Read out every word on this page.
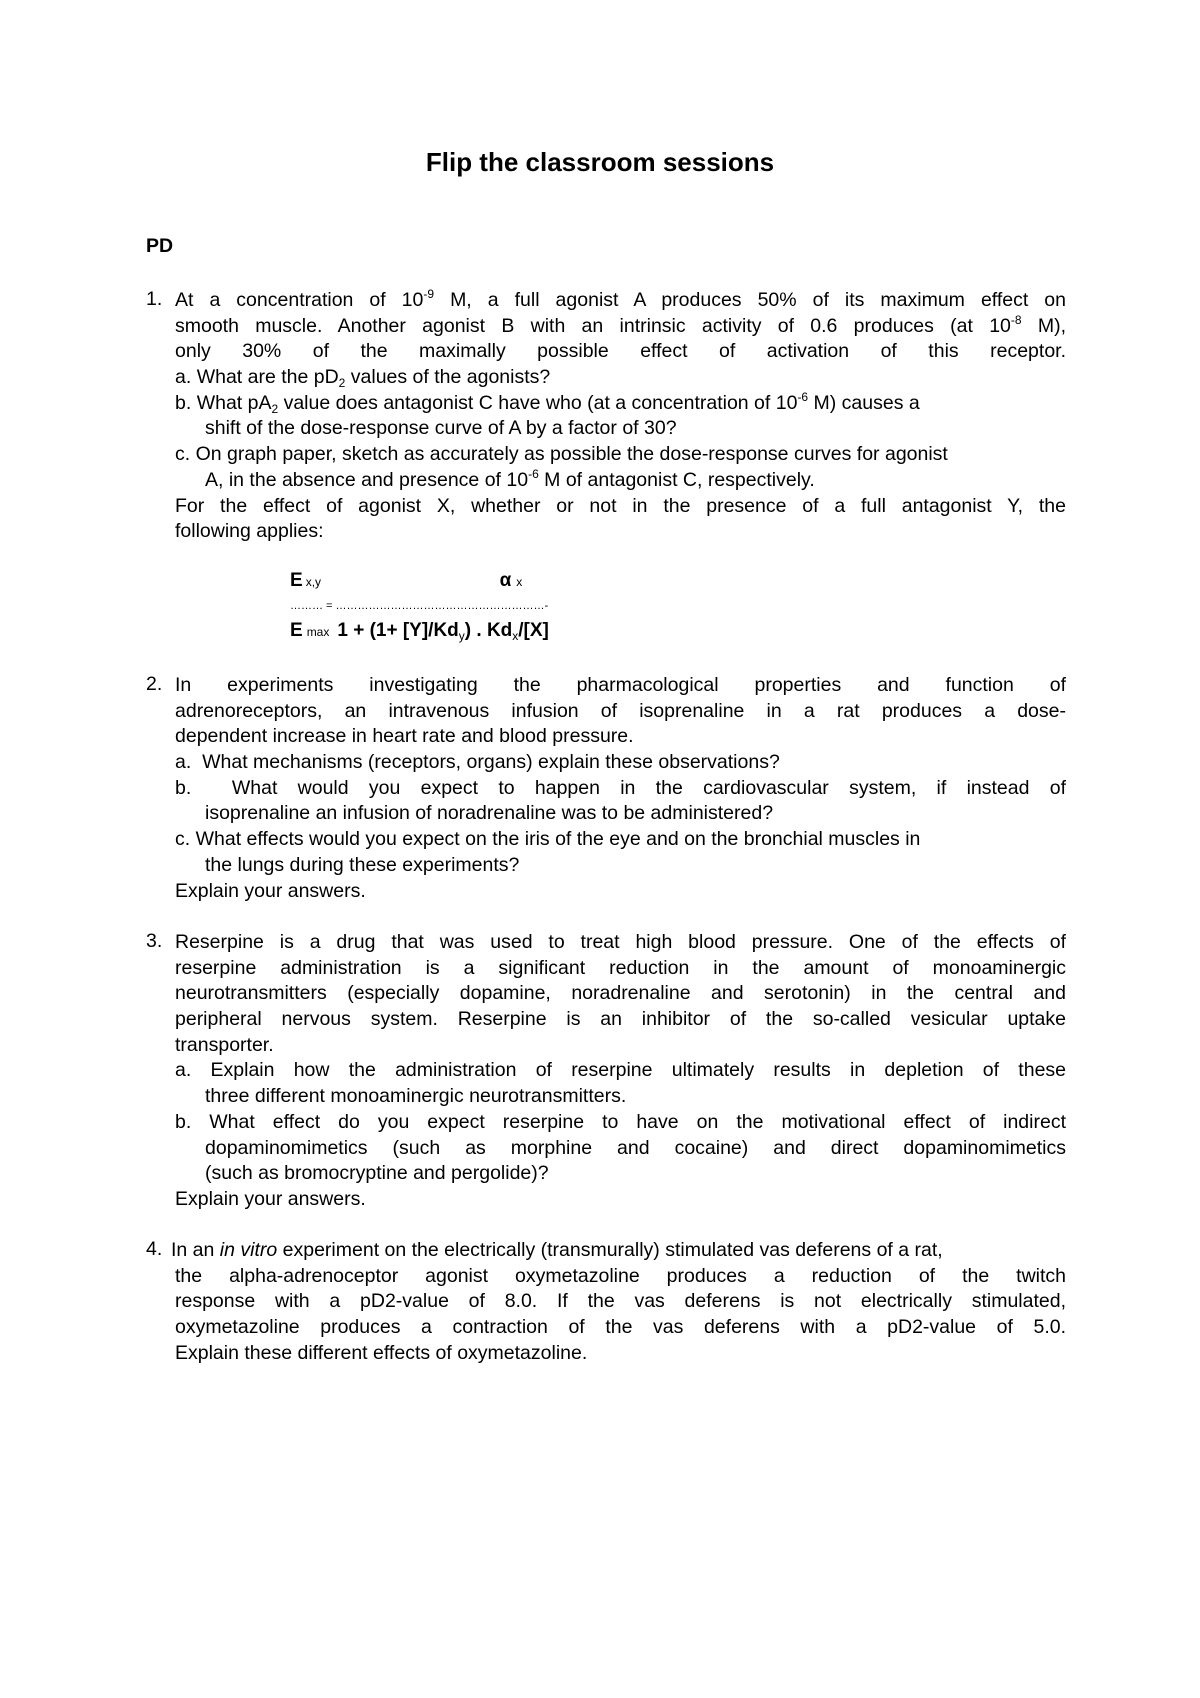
Flip the classroom sessions
PD
1. At a concentration of $10^{-9}$ M, a full agonist A produces 50% of its maximum effect on
smooth muscle. Another agonist B with an intrinsic activity of 0.6 produces (at $10^{-8}$ M),
only 30% of the maximally possible effect of activation of this receptor.
a. What are the $pD_2$ values of the agonists?
b. What $pA_2$ value does antagonist C have who (at a concentration of $10^{-6}$ M) causes a
shift of the dose-response curve of A by a factor of 30?
c. On graph paper, sketch as accurately as possible the dose-response curves for agonist
A, in the absence and presence of $10^{-6}$ M of antagonist C, respectively.
For the effect of agonist X, whether or not in the presence of a full antagonist Y, the
following applies:
Ex,y	α x
……… = …………………………………………………-
Emax $1 + (1+ [Y]/Kd_y)$ . $Kd_x/[X]$
2. In experiments investigating the pharmacological properties and function of
adrenoreceptors, an intravenous infusion of isoprenaline in a rat produces a dose-
dependent increase in heart rate and blood pressure.
a. What mechanisms (receptors, organs) explain these observations?
b. What would you expect to happen in the cardiovascular system, if instead of
isoprenaline an infusion of noradrenaline was to be administered?
c. What effects would you expect on the iris of the eye and on the bronchial muscles in
the lungs during these experiments?
Explain your answers.
3. Reserpine is a drug that was used to treat high blood pressure. One of the effects of
reserpine administration is a significant reduction in the amount of monoaminergic
neurotransmitters (especially dopamine, noradrenaline and serotonin) in the central and
peripheral nervous system. Reserpine is an inhibitor of the so-called vesicular uptake
transporter.
a. Explain how the administration of reserpine ultimately results in depletion of these
three different monoaminergic neurotransmitters.
b. What effect do you expect reserpine to have on the motivational effect of indirect
dopaminomimetics (such as morphine and cocaine) and direct dopaminomimetics
(such as bromocryptine and pergolide)?
Explain your answers.
4. In an in vitro experiment on the electrically (transmurally) stimulated vas deferens of a rat,
the alpha-adrenoceptor agonist oxymetazoline produces a reduction of the twitch
response with a pD2-value of 8.0. If the vas deferens is not electrically stimulated,
oxymetazoline produces a contraction of the vas deferens with a pD2-value of 5.0.
Explain these different effects of oxymetazoline.
